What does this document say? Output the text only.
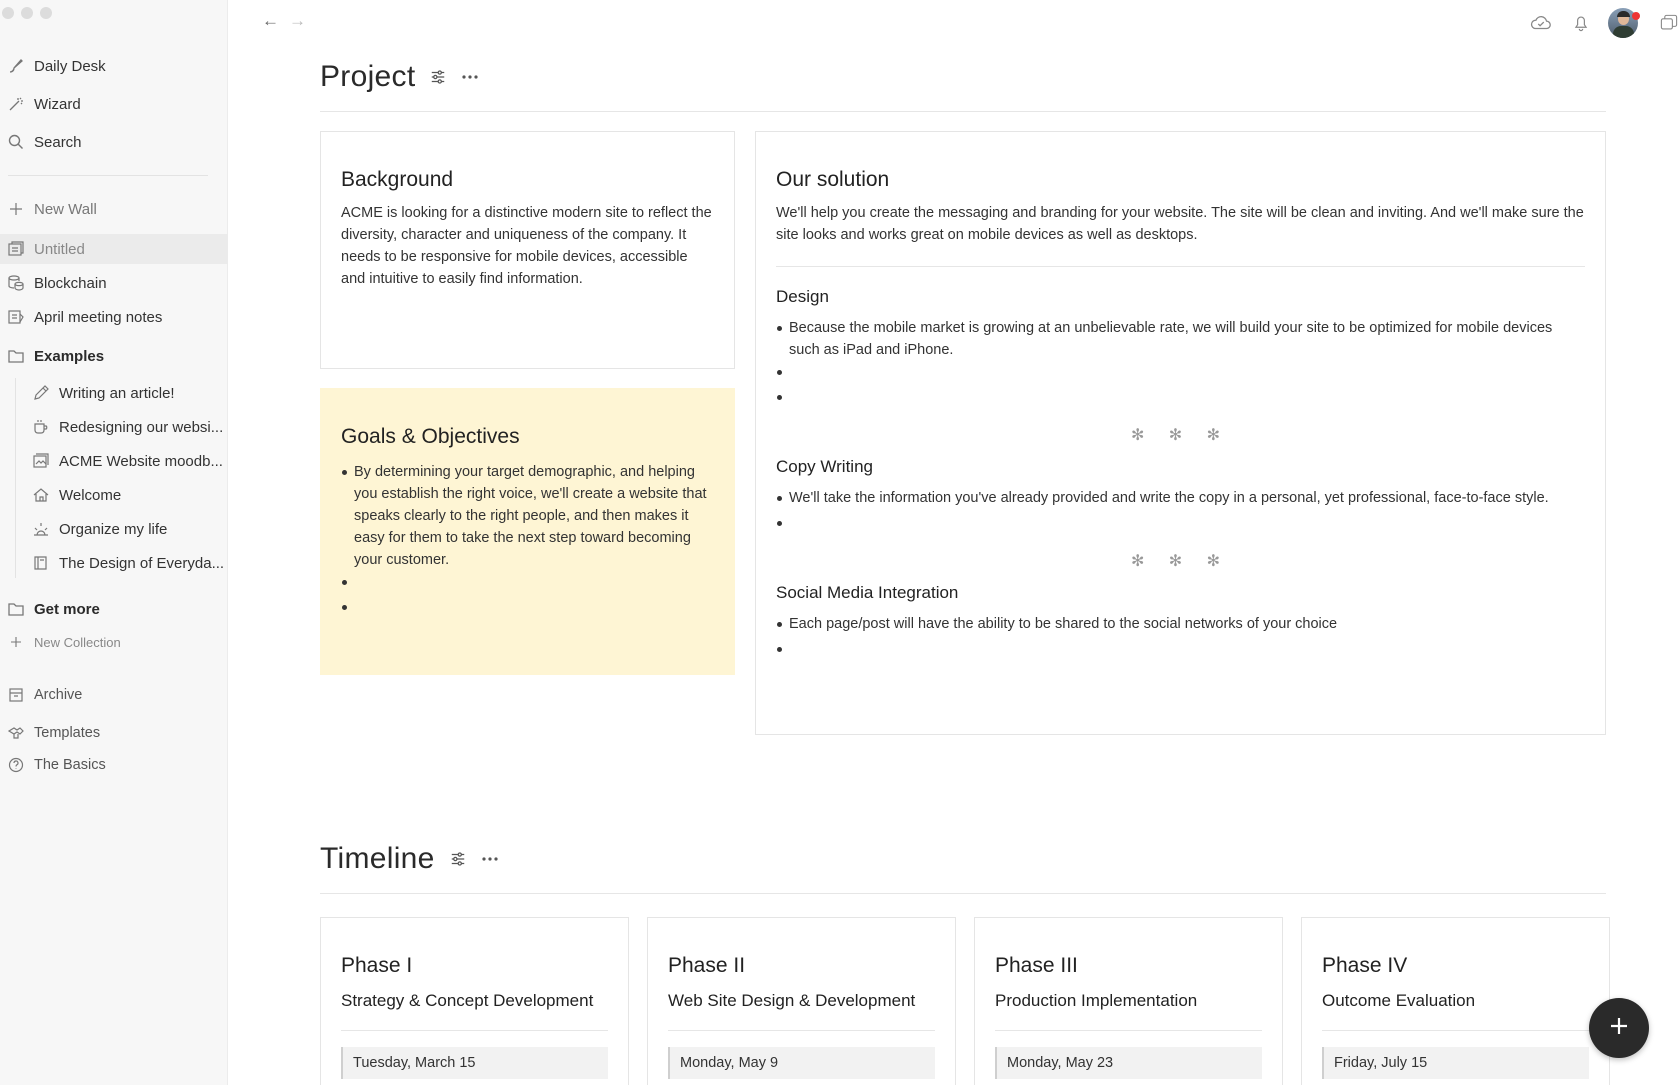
Daily Desk
Wizard
Search
New Wall
Untitled
Blockchain
April meeting notes
Examples
Writing an article!
Redesigning our websi...
ACME Website moodb...
Welcome
Organize my life
The Design of Everyda...
Get more
New Collection
Archive
Templates
The Basics
← →
Project
Background

ACME is looking for a distinctive modern site to reflect the diversity, character and uniqueness of the company. It needs to be responsive for mobile devices, accessible and intuitive to easily find information.

Goals & Objectives
By determining your target demographic, and helping you establish the right voice, we'll create a website that speaks clearly to the right people, and then makes it easy for them to take the next step toward becoming your customer.
Our solution

We'll help you create the messaging and branding for your website. The site will be clean and inviting. And we'll make sure the site looks and works great on mobile devices as well as desktops.

Design
Because the mobile market is growing at an unbelievable rate, we will build your site to be optimized for mobile devices such as iPad and iPhone.
✻ ✻ ✻
Copy Writing
We'll take the information you've already provided and write the copy in a personal, yet professional, face-to-face style.
✻ ✻ ✻
Social Media Integration
Each page/post will have the ability to be shared to the social networks of your choice
Timeline
Phase I
Strategy & Concept Development
Tuesday, March 15
Phase II
Web Site Design & Development
Monday, May 9
Phase III
Production Implementation
Monday, May 23
Phase IV
Outcome Evaluation
Friday, July 15
